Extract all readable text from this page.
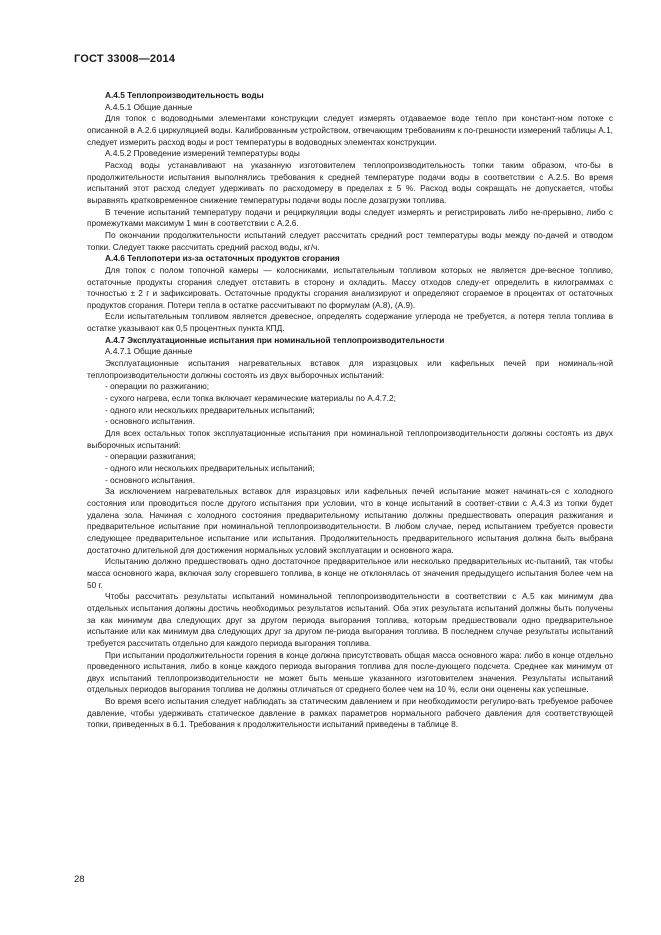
ГОСТ 33008—2014

А.4.5 Теплопроизводительность воды

А.4.5.1 Общие данные

Для топок с водоводными элементами конструкции следует измерять отдаваемое воде тепло при констант-ном потоке с описанной в А.2.6 циркуляцией воды. Калиброванным устройством, отвечающим требованиям к по-грешности измерений таблицы А.1, следует измерить расход воды и рост температуры в водоводных элементах конструкции.

А.4.5.2 Проведение измерений температуры воды

Расход воды устанавливают на указанную изготовителем теплопроизводительность топки таким образом, что-бы в продолжительности испытания выполнялись требования к средней температуре подачи воды в соответствии с А.2.5. Во время испытаний этот расход следует удерживать по расходомеру в пределах ± 5 %. Расход воды сокращать не допускается, чтобы выравнять кратковременное снижение температуры подачи воды после дозагрузки топлива.

В течение испытаний температуру подачи и рециркуляции воды следует измерять и регистрировать либо не-прерывно, либо с промежутками максимум 1 мин в соответствии с А.2.6.

По окончании продолжительности испытаний следует рассчитать средний рост температуры воды между по-дачей и отводом топки. Следует также рассчитать средний расход воды, кг/ч.

А.4.6 Теплопотери из-за остаточных продуктов сгорания

Для топок с полом топочной камеры — колосниками, испытательным топливом которых не является дре-весное топливо, остаточные продукты сгорания следует отставить в сторону и охладить. Массу отходов следу-ет определить в килограммах с точностью ± 2 г и зафиксировать. Остаточные продукты сгорания анализируют и определяют сгораемое в процентах от остаточных продуктов сгорания. Потери тепла в остатке рассчитывают по формулам (А.8), (А.9).

Если испытательным топливом является древесное, определять содержание углерода не требуется, а потеря тепла топлива в остатке указывают как 0,5 процентных пункта КПД.

А.4.7 Эксплуатационные испытания при номинальной теплопроизводительности

А.4.7.1 Общие данные

Эксплуатационные испытания нагревательных вставок для изразцовых или кафельных печей при номиналь-ной теплопроизводительности должны состоять из двух выборочных испытаний:

- операции по разжиганию;

- сухого нагрева, если топка включает керамические материалы по А.4.7.2;

- одного или нескольких предварительных испытаний;

- основного испытания.

Для всех остальных топок эксплуатационные испытания при номинальной теплопроизводительности должны состоять из двух выборочных испытаний:

- операции разжигания;

- одного или нескольких предварительных испытаний;

- основного испытания.

За исключением нагревательных вставок для изразцовых или кафельных печей испытание может начинать-ся с холодного состояния или проводиться после другого испытания при условии, что в конце испытаний в соответ-ствии с А.4.3 из топки будет удалена зола. Начиная с холодного состояния предварительному испытанию должны предшествовать операция разжигания и предварительное испытание при номинальной теплопроизводительности. В любом случае, перед испытанием требуется провести следующее предварительное испытание или испытания. Продолжительность предварительного испытания должна быть выбрана достаточно длительной для достижения нормальных условий эксплуатации и основного жара.

Испытанию должно предшествовать одно достаточное предварительное или несколько предварительных ис-пытаний, так чтобы масса основного жара, включая золу сгоревшего топлива, в конце не отклонялась от значения предыдущего испытания более чем на 50 г.

Чтобы рассчитать результаты испытаний номинальной теплопроизводительности в соответствии с А.5 как минимум два отдельных испытания должны достичь необходимых результатов испытаний. Оба этих результата испытаний должны быть получены за как минимум два следующих друг за другом периода выгорания топлива, которым предшествовали одно предварительное испытание или как минимум два следующих друг за другом пе-риода выгорания топлива. В последнем случае результаты испытаний требуется рассчитать отдельно для каждого периода выгорания топлива.

При испытании продолжительности горения в конце должна присутствовать общая масса основного жара: либо в конце отдельно проведенного испытания, либо в конце каждого периода выгорания топлива для после-дующего подсчета. Среднее как минимум от двух испытаний теплопроизводительности не может быть меньше указанного изготовителем значения. Результаты испытаний отдельных периодов выгорания топлива не должны отличаться от среднего более чем на 10 %, если они оценены как успешные.

Во время всего испытания следует наблюдать за статическим давлением и при необходимости регулиро-вать требуемое рабочее давление, чтобы удерживать статическое давление в рамках параметров нормального рабочего давления для соответствующей топки, приведенных в 6.1. Требования к продолжительности испытаний приведены в таблице 8.

28
